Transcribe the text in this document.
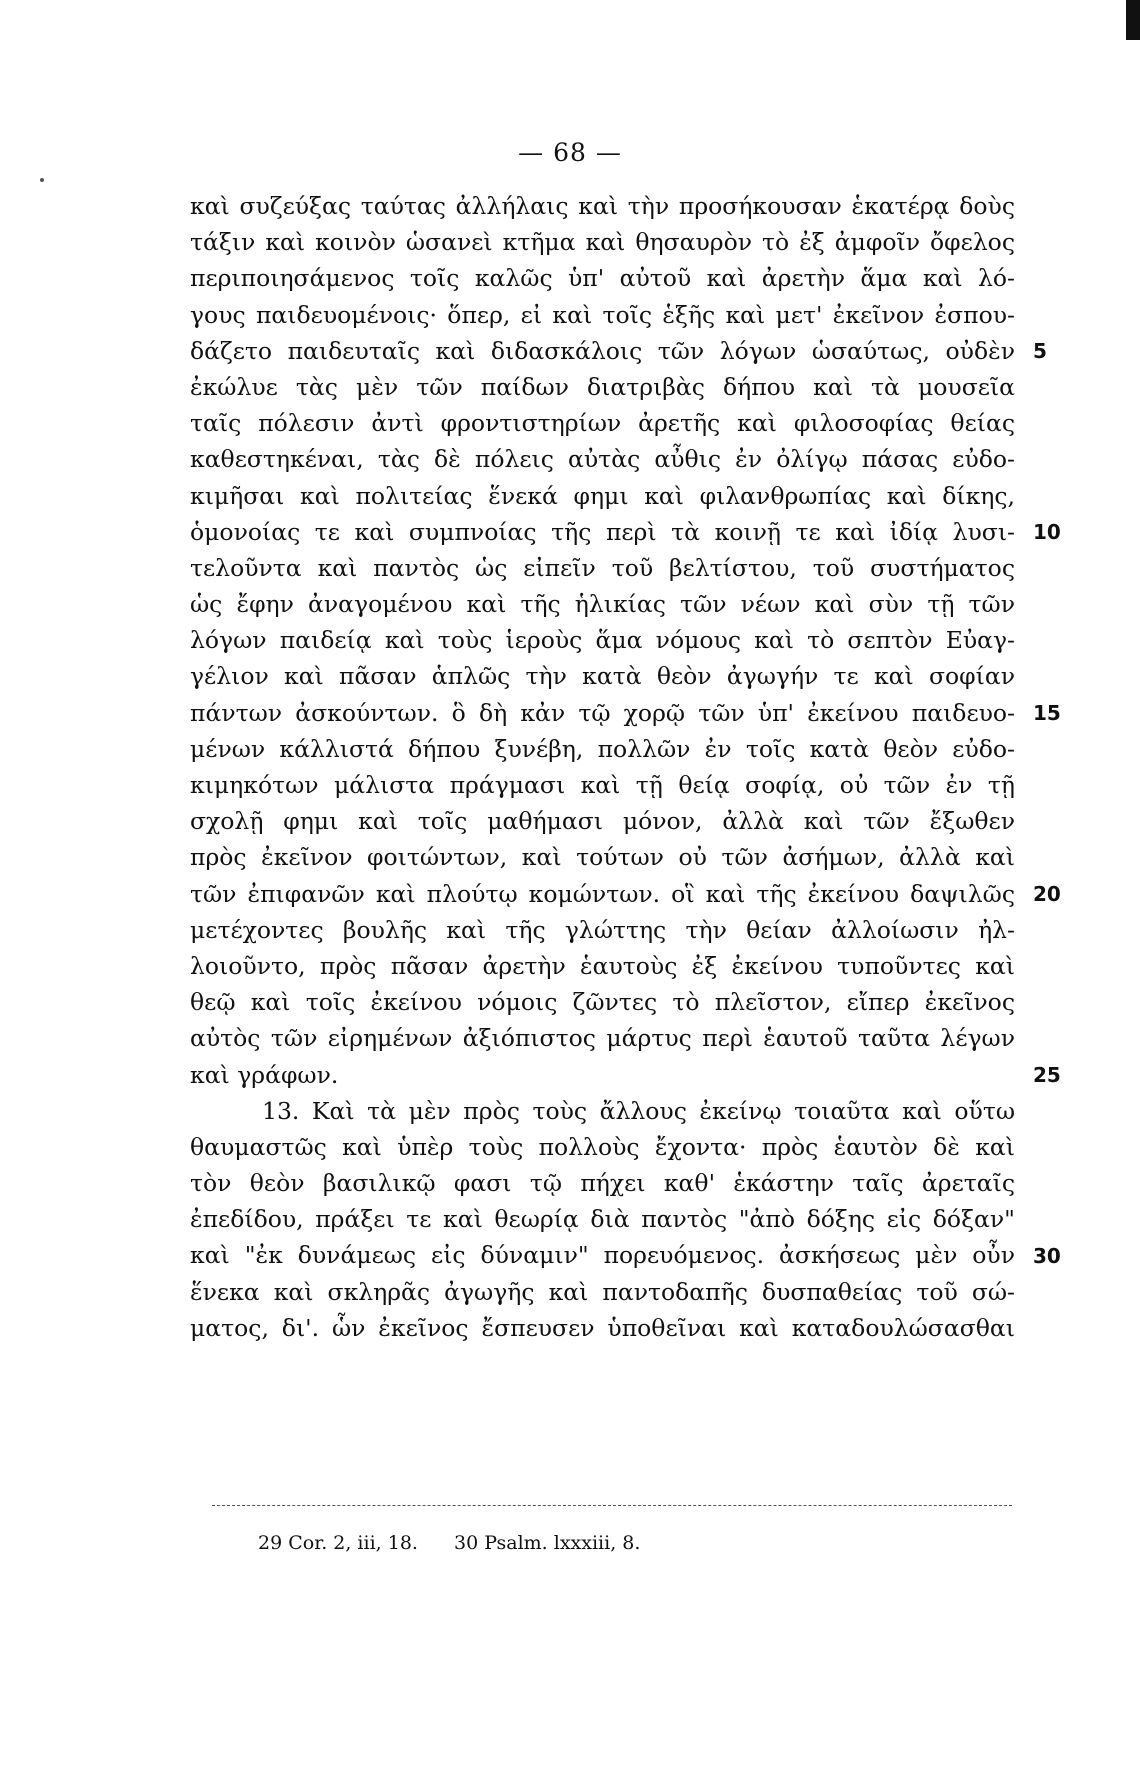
— 68 —
καὶ συζεύξας ταύτας ἀλλήλαις καὶ τὴν προσήκουσαν ἑκατέρᾳ δοὺς
τάξιν καὶ κοινὸν ὡσανεὶ κτῆμα καὶ θησαυρὸν τὸ ἐξ ἀμφοῖν ὄφελος
περιποιησάμενος τοῖς καλῶς ὑπ' αὐτοῦ καὶ ἀρετὴν ἅμα καὶ λό-
γους παιδευομένοις· ὅπερ, εἰ καὶ τοῖς ἑξῆς καὶ μετ' ἐκεῖνον ἐσπου-
δάζετο παιδευταῖς καὶ διδασκάλοις τῶν λόγων ὡσαύτως, οὐδὲν
ἐκώλυε τὰς μὲν τῶν παίδων διατριβὰς δήπου καὶ τὰ μουσεῖα
ταῖς πόλεσιν ἀντὶ φροντιστηρίων ἀρετῆς καὶ φιλοσοφίας θείας
καθεστηκέναι, τὰς δὲ πόλεις αὐτὰς αὖθις ἐν ὀλίγῳ πάσας εὐδο-
κιμῆσαι καὶ πολιτείας ἕνεκά φημι καὶ φιλανθρωπίας καὶ δίκης,
ὁμονοίας τε καὶ συμπνοίας τῆς περὶ τὰ κοινῇ τε καὶ ἰδίᾳ λυσι-
τελοῦντα καὶ παντὸς ὡς εἰπεῖν τοῦ βελτίστου, τοῦ συστήματος
ὡς ἔφην ἀναγομένου καὶ τῆς ἡλικίας τῶν νέων καὶ σὺν τῇ τῶν
λόγων παιδείᾳ καὶ τοὺς ἱεροὺς ἅμα νόμους καὶ τὸ σεπτὸν Εὐαγ-
γέλιον καὶ πᾶσαν ἁπλῶς τὴν κατὰ θεὸν ἀγωγήν τε καὶ σοφίαν
πάντων ἀσκούντων. ὃ δὴ κἀν τῷ χορῷ τῶν ὑπ' ἐκείνου παιδευο-
μένων κάλλιστά δήπου ξυνέβη, πολλῶν ἐν τοῖς κατὰ θεὸν εὐδο-
κιμηκότων μάλιστα πράγμασι καὶ τῇ θείᾳ σοφίᾳ, οὐ τῶν ἐν τῇ
σχολῇ φημι καὶ τοῖς μαθήμασι μόνον, ἀλλὰ καὶ τῶν ἔξωθεν
πρὸς ἐκεῖνον φοιτώντων, καὶ τούτων οὐ τῶν ἀσήμων, ἀλλὰ καὶ
τῶν ἐπιφανῶν καὶ πλούτῳ κομώντων. οἳ καὶ τῆς ἐκείνου δαψιλῶς
μετέχοντες βουλῆς καὶ τῆς γλώττης τὴν θείαν ἀλλοίωσιν ἠλ-
λοιοῦντο, πρὸς πᾶσαν ἀρετὴν ἑαυτοὺς ἐξ ἐκείνου τυποῦντες καὶ
θεῷ καὶ τοῖς ἐκείνου νόμοις ζῶντες τὸ πλεῖστον, εἴπερ ἐκεῖνος
αὐτὸς τῶν εἰρημένων ἀξιόπιστος μάρτυς περὶ ἑαυτοῦ ταῦτα λέγων
καὶ γράφων.
13. Καὶ τὰ μὲν πρὸς τοὺς ἄλλους ἐκείνῳ τοιαῦτα καὶ οὕτω
θαυμαστῶς καὶ ὑπὲρ τοὺς πολλοὺς ἔχοντα· πρὸς ἑαυτὸν δὲ καὶ
τὸν θεὸν βασιλικῷ φασι τῷ πήχει καθ' ἑκάστην ταῖς ἀρεταῖς
ἐπεδίδου, πράξει τε καὶ θεωρίᾳ διὰ παντὸς "ἀπὸ δόξης εἰς δόξαν"
καὶ "ἐκ δυνάμεως εἰς δύναμιν" πορευόμενος. ἀσκήσεως μὲν οὖν
ἕνεκα καὶ σκληρᾶς ἀγωγῆς καὶ παντοδαπῆς δυσπαθείας τοῦ σώ-
ματος, δι'. ὧν ἐκεῖνος ἔσπευσεν ὑποθεῖναι καὶ καταδουλώσασθαι
29 Cor. 2, iii, 18. 30 Psalm. lxxxiii, 8.
5
10
15
20
25
30
